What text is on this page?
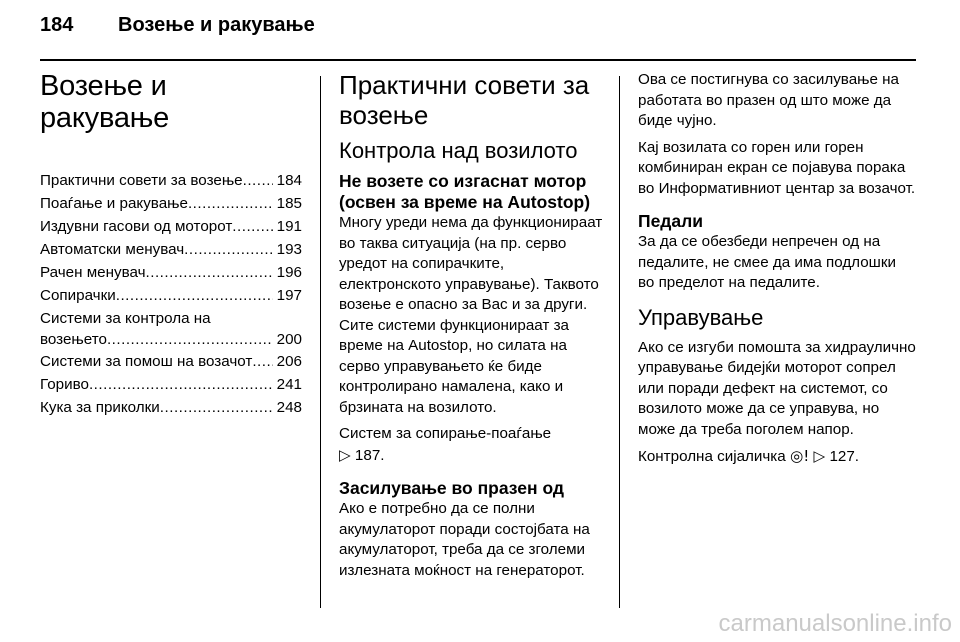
184	Возење и ракување
Возење и ракување
Практични совети за возење ..... 184
Поаѓање и ракување .....	185
Издувни гасови од моторот .....	191
Автоматски менувач .....	193
Рачен менувач .....	196
Сопирачки .....	197
Системи за контрола на
возењето .....	200
Системи за помош на возачот ..... 206
Гориво .....	241
Кука за приколки .....	248
Практични совети за
возење
Контрола над возилото
Не возете со изгаснат мотор
(освен за време на Autostop)

Многу уреди нема да функционираат во таква ситуација (на пр. серво уредот на сопирачките, електронското управување). Таквото возење е опасно за Вас и за други. Сите системи функционираат за време на Autostop, но силата на серво управувањето ќе биде контролирано намалена, како и брзината на возилото.

Систем за сопирање-поаѓање
▷ 187.

Засилување во празен од

Ако е потребно да се полни акумулаторот поради состојбата на акумулаторот, треба да се зголеми излезната моќност на генераторот.

Ова се постигнува со засилување на работата во празен од што може да биде чујно.

Кај возилата со горен или горен комбиниран екран се појавува порака во Информативниот центар за возачот.

Педали

За да се обезбеди непречен од на педалите, не смее да има подлошки во пределот на педалите.

Управување

Ако се изгуби помошта за хидраулично управување бидејќи моторот сопрел или поради дефект на системот, со возилото може да се управува, но може да треба поголем напор.

Контролна сијаличка ◎! ▷ 127.

carmanualsonline.info
